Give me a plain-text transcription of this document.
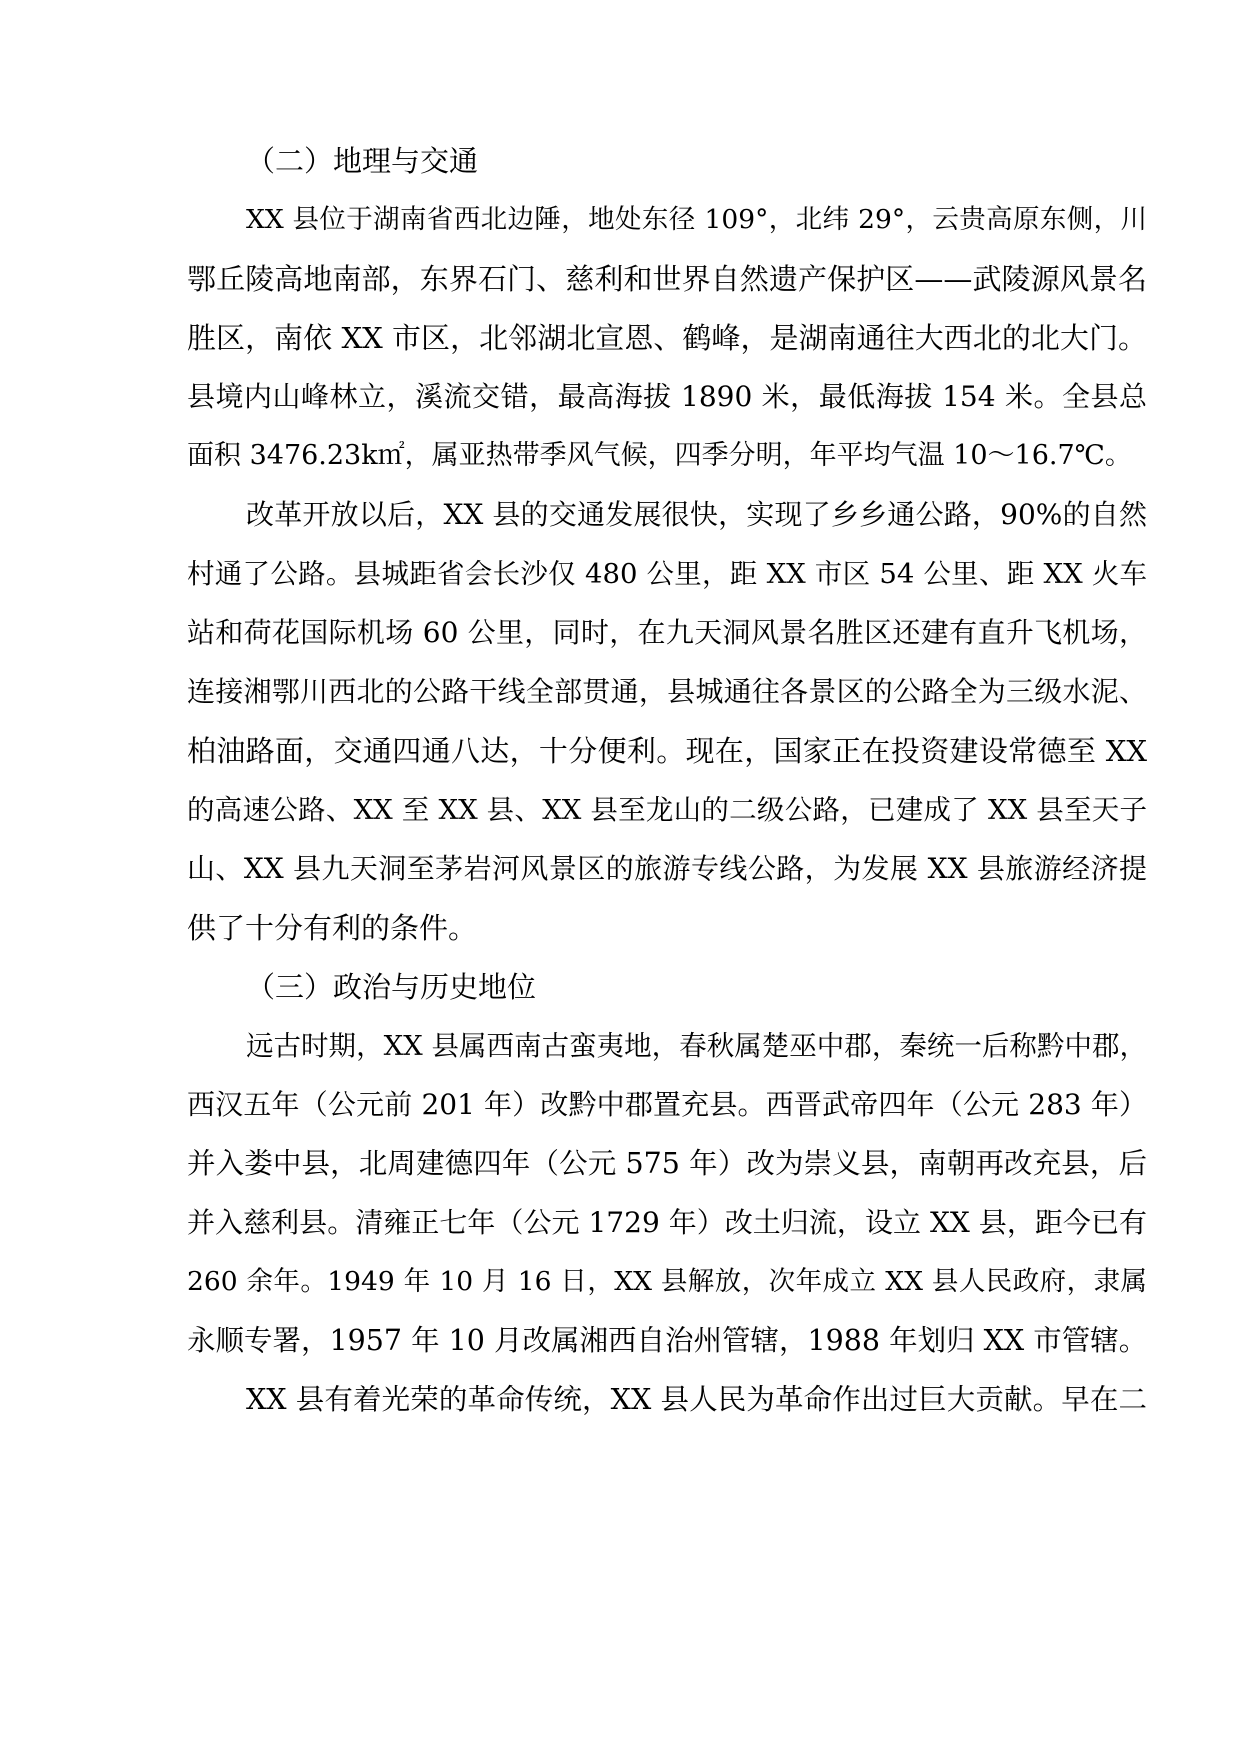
（二）地理与交通
XX 县位于湖南省西北边陲，地处东径 109°，北纬 29°，云贵高原东侧，川
鄂丘陵高地南部，东界石门、慈利和世界自然遗产保护区——武陵源风景名
胜区，南依 XX 市区，北邻湖北宣恩、鹤峰，是湖南通往大西北的北大门。
县境内山峰林立，溪流交错，最高海拔 1890 米，最低海拔 154 米。全县总
面积 3476.23k㎡，属亚热带季风气候，四季分明，年平均气温 10～16.7℃。
改革开放以后，XX 县的交通发展很快，实现了乡乡通公路，90%的自然
村通了公路。县城距省会长沙仅 480 公里，距 XX 市区 54 公里、距 XX 火车
站和荷花国际机场 60 公里，同时，在九天洞风景名胜区还建有直升飞机场，
连接湘鄂川西北的公路干线全部贯通，县城通往各景区的公路全为三级水泥、
柏油路面，交通四通八达，十分便利。现在，国家正在投资建设常德至 XX
的高速公路、XX 至 XX 县、XX 县至龙山的二级公路，已建成了 XX 县至天子
山、XX 县九天洞至茅岩河风景区的旅游专线公路，为发展 XX 县旅游经济提
供了十分有利的条件。
（三）政治与历史地位
远古时期，XX 县属西南古蛮夷地，春秋属楚巫中郡，秦统一后称黔中郡，
西汉五年（公元前 201 年）改黔中郡置充县。西晋武帝四年（公元 283 年）
并入娄中县，北周建德四年（公元 575 年）改为崇义县，南朝再改充县，后
并入慈利县。清雍正七年（公元 1729 年）改土归流，设立 XX 县，距今已有
260 余年。1949 年 10 月 16 日，XX 县解放，次年成立 XX 县人民政府，隶属
永顺专署，1957 年 10 月改属湘西自治州管辖，1988 年划归 XX 市管辖。
XX 县有着光荣的革命传统，XX 县人民为革命作出过巨大贡献。早在二
